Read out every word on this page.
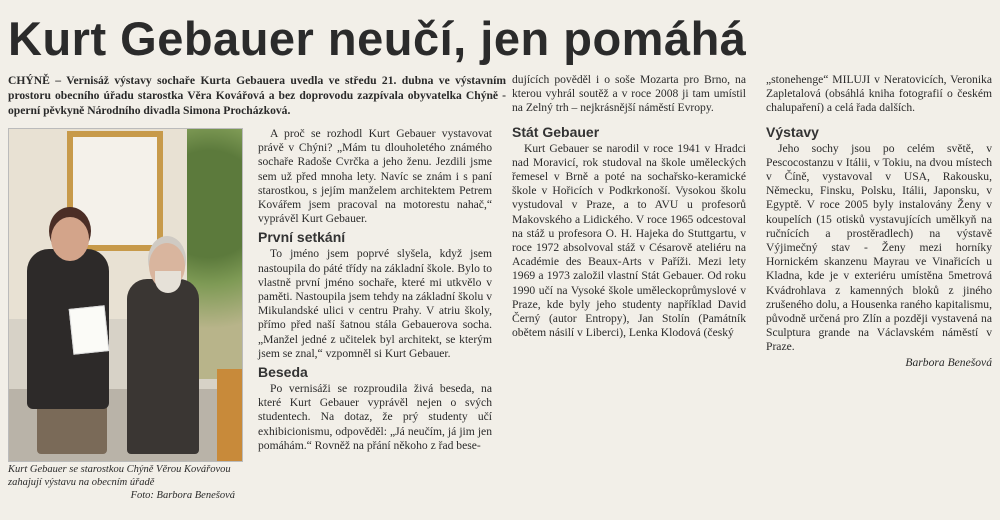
Kurt Gebauer neučí, jen pomáhá
CHÝNĚ – Vernisáž výstavy sochaře Kurta Gebauera uvedla ve středu 21. dubna ve výstavním prostoru obecního úřadu starostka Věra Kovářová a bez doprovodu zazpívala obyvatelka Chýně - operní pěvkyně Národního divadla Simona Procházková.
Kurt Gebauer se starostkou Chýně Věrou Kovářovou zahajují výstavu na obecním úřadě
Foto: Barbora Benešová

A proč se rozhodl Kurt Gebauer vystavovat právě v Chýni? „Mám tu dlouholetého známého sochaře Radoše Cvrčka a jeho ženu. Jezdili jsme sem už před mnoha lety. Navíc se znám i s paní starostkou, s jejím manželem architektem Petrem Kovářem jsem pracoval na motorestu nahač,“ vyprávěl Kurt Gebauer.

První setkání

To jméno jsem poprvé slyšela, když jsem nastoupila do páté třídy na základní škole. Bylo to vlastně první jméno sochaře, které mi utkvělo v paměti. Nastoupila jsem tehdy na základní školu v Mikulandské ulici v centru Prahy. V atriu školy, přímo před naší šatnou stála Gebauerova socha. „Manžel jedné z učitelek byl architekt, se kterým jsem se znal,“ vzpomněl si Kurt Gebauer.

Beseda

Po vernisáži se rozproudila živá beseda, na které Kurt Gebauer vyprávěl nejen o svých studentech. Na dotaz, že prý studenty učí exhibicionismu, odpověděl: „Já neučím, já jim jen pomáhám.“ Rovněž na přání někoho z řad bese-

dujících pověděl i o soše Mozarta pro Brno, na kterou vyhrál soutěž a v roce 2008 ji tam umístil na Zelný trh – nejkrásnější náměstí Evropy.

Stát Gebauer

Kurt Gebauer se narodil v roce 1941 v Hradci nad Moravicí, rok studoval na škole uměleckých řemesel v Brně a poté na sochařsko-keramické škole v Hořicích v Podkrkonoší. Vysokou školu vystudoval v Praze, a to AVU u profesorů Makovského a Lidického. V roce 1965 odcestoval na stáž u profesora O. H. Hajeka do Stuttgartu, v roce 1972 absolvoval stáž v Césarově ateliéru na Académie des Beaux-Arts v Paříži. Mezi lety 1969 a 1973 založil vlastní Stát Gebauer. Od roku 1990 učí na Vysoké škole uměleckoprůmyslové v Praze, kde byly jeho studenty například David Černý (autor Entropy), Jan Stolín (Památník obětem násilí v Liberci), Lenka Klodová (český

„stonehenge“ MILUJI v Neratovicích, Veronika Zapletalová (obsáhlá kniha fotografií o českém chalupaření) a celá řada dalších.

Výstavy

Jeho sochy jsou po celém světě, v Pescocostanzu v Itálii, v Tokiu, na dvou místech v Číně, vystavoval v USA, Rakousku, Německu, Finsku, Polsku, Itálii, Japonsku, v Egyptě. V roce 2005 byly instalovány Ženy v koupelích (15 otisků vystavujících umělkyň na ručnících a prostěradlech) na výstavě Výjimečný stav - Ženy mezi horníky Hornickém skanzenu Mayrau ve Vinařicích u Kladna, kde je v exteriéru umístěna 5metrová Kvádrohlava z kamenných bloků z jiného zrušeného dolu, a Housenka raného kapitalismu, původně určená pro Zlín a později vystavená na Sculptura grande na Václavském náměstí v Praze.

Barbora Benešová
